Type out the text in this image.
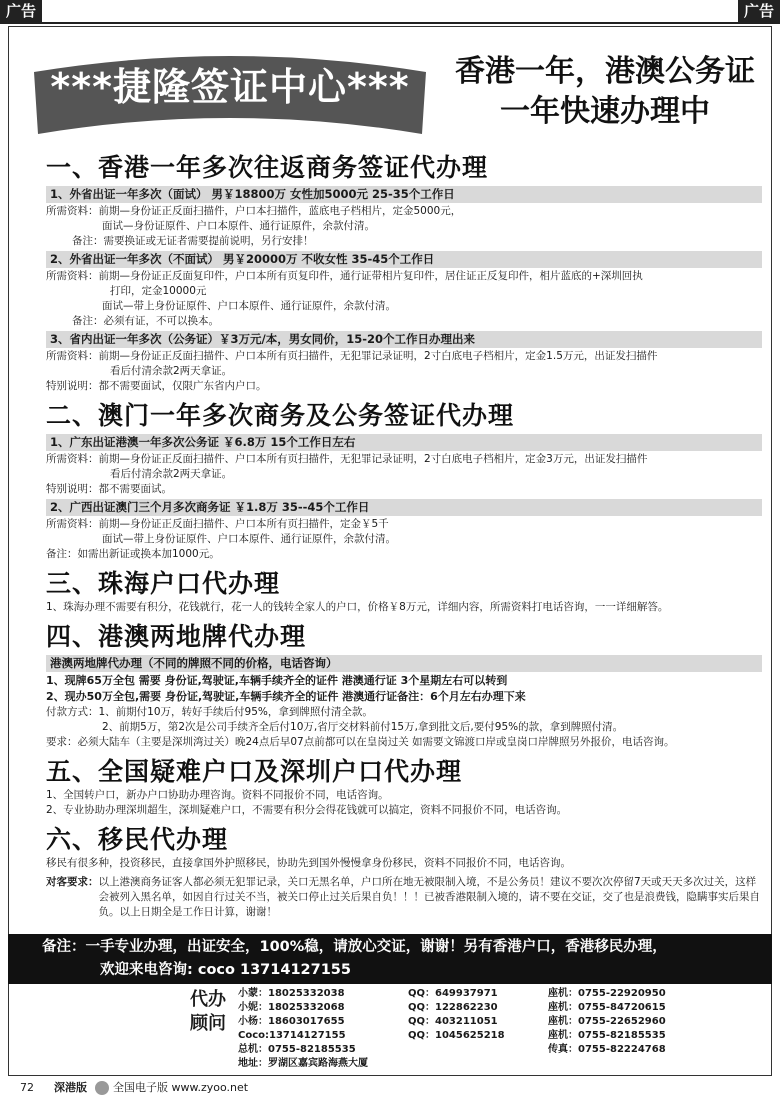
广告	广告
***捷隆签证中心***	香港一年，港澳公务证
一年快速办理中
一、香港一年多次往返商务签证代办理
1、外省出证一年多次（面试） 男￥18800万 女性加5000元 25-35个工作日
所需资料：前期—身份证正反面扫描件，户口本扫描件，蓝底电子档相片，定金5000元，
面试—身份证原件、户口本原件、通行证原件，余款付清。
备注：需要换证或无证者需要提前说明，另行安排！
2、外省出证一年多次（不面试） 男￥20000万 不收女性 35-45个工作日
所需资料：前期—身份证正反面复印件，户口本所有页复印件，通行证带相片复印件，居住证正反复印件，相片蓝底的+深圳回执
打印，定金10000元
面试—带上身份证原件、户口本原件、通行证原件，余款付清。
备注：必须有证，不可以换本。
3、省内出证一年多次（公务证）￥3万元/本，男女同价，15-20个工作日办理出来
所需资料：前期—身份证正反面扫描件、户口本所有页扫描件，无犯罪记录证明，2寸白底电子档相片，定金1.5万元，出证发扫描件
看后付清余款2两天拿证。
特别说明：都不需要面试，仅限广东省内户口。
二、澳门一年多次商务及公务签证代办理
1、广东出证港澳一年多次公务证 ￥6.8万 15个工作日左右
所需资料：前期—身份证正反面扫描件、户口本所有页扫描件，无犯罪记录证明，2寸白底电子档相片，定金3万元，出证发扫描件
看后付清余款2两天拿证。
特别说明：都不需要面试。
2、广西出证澳门三个月多次商务证 ￥1.8万 35--45个工作日
所需资料：前期—身份证正反面扫描件、户口本所有页扫描件，定金￥5千
面试—带上身份证原件、户口本原件、通行证原件，余款付清。
备注：如需出新证或换本加1000元。
三、珠海户口代办理
1、珠海办理不需要有积分，花钱就行，花一人的钱转全家人的户口，价格￥8万元，详细内容，所需资料打电话咨询，一一详细解答。
四、港澳两地牌代办理
港澳两地牌代办理（不同的牌照不同的价格，电话咨询）
1、现牌65万全包 需要 身份证,驾驶证,车辆手续齐全的证件 港澳通行证 3个星期左右可以转到
2、现办50万全包,需要 身份证,驾驶证,车辆手续齐全的证件 港澳通行证备注：6个月左右办理下来
付款方式：1、前期付10万，转好手续后付95%，拿到牌照付清全款。
2、前期5万，第2次是公司手续齐全后付10万,省厅交材料前付15万,拿到批文后,要付95%的款，拿到牌照付清。
要求：必须大陆车（主要是深圳湾过关）晚24点后早07点前都可以在皇岗过关 如需要文锦渡口岸或皇岗口岸牌照另外报价，电话咨询。
五、全国疑难户口及深圳户口代办理
1、全国转户口，新办户口协助办理咨询。资料不同报价不同，电话咨询。
2、专业协助办理深圳超生，深圳疑难户口，不需要有积分会得花钱就可以搞定，资料不同报价不同，电话咨询。
六、移民代办理
移民有很多种，投资移民，直接拿国外护照移民，协助先到国外慢慢拿身份移民，资料不同报价不同，电话咨询。
对客要求： 以上港澳商务证客人都必须无犯罪记录，关口无黑名单，户口所在地无被限制入境，不是公务员！建议不要次次停留7天或天天多次过关，这样会被列入黑名单，如因自行过关不当，被关口停止过关后果自负！！！已被香港限制入境的，请不要在交证，交了也是浪费钱，隐瞒事实后果自负。以上日期全是工作日计算，谢谢！
备注：一手专业办理，出证安全，100%稳，请放心交证，谢谢！另有香港户口，香港移民办理，
欢迎来电咨询: coco 13714127155
代办
顾问
小蒙：18025332038	QQ：649937971	座机：0755-22920950
小妮：18025332068	QQ：122862230	座机：0755-84720615
小杨：18603017655	QQ：403211051	座机：0755-22652960
Coco:13714127155	QQ：1045625218	座机：0755-82185535
总机：0755-82185535	传真：0755-82224768
地址：罗湖区嘉宾路海燕大厦
72 深港版 全国电子版 www.zyoo.net
